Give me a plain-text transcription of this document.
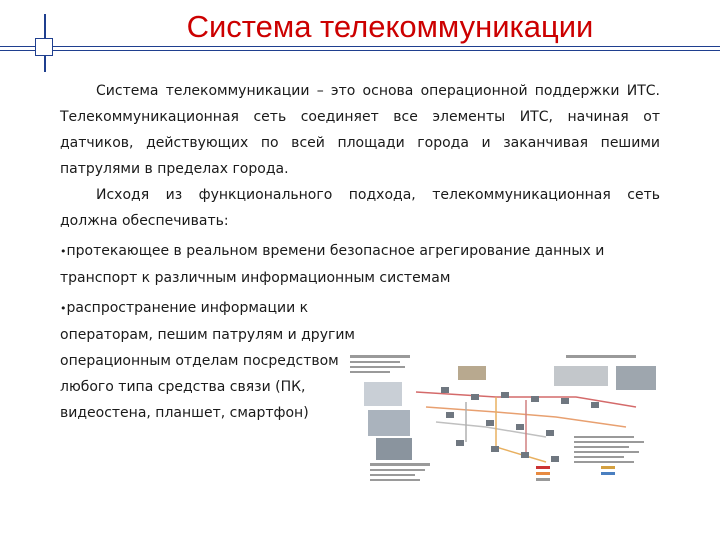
Система телекоммуникации

Система телекоммуникации – это основа операционной поддержки ИТС. Телекоммуникационная сеть соединяет все элементы ИТС, начиная от датчиков, действующих по всей площади города и заканчивая пешими патрулями в пределах города.

Исходя из функционального подхода, телекоммуникационная сеть должна обеспечивать:

•протекающее в реальном времени безопасное агрегирование данных и транспорт к различным информационным системам

•распространение информации к операторам, пешим патрулям и другим операционным отделам посредством любого типа средства связи (ПК, видеостена, планшет, смартфон)
